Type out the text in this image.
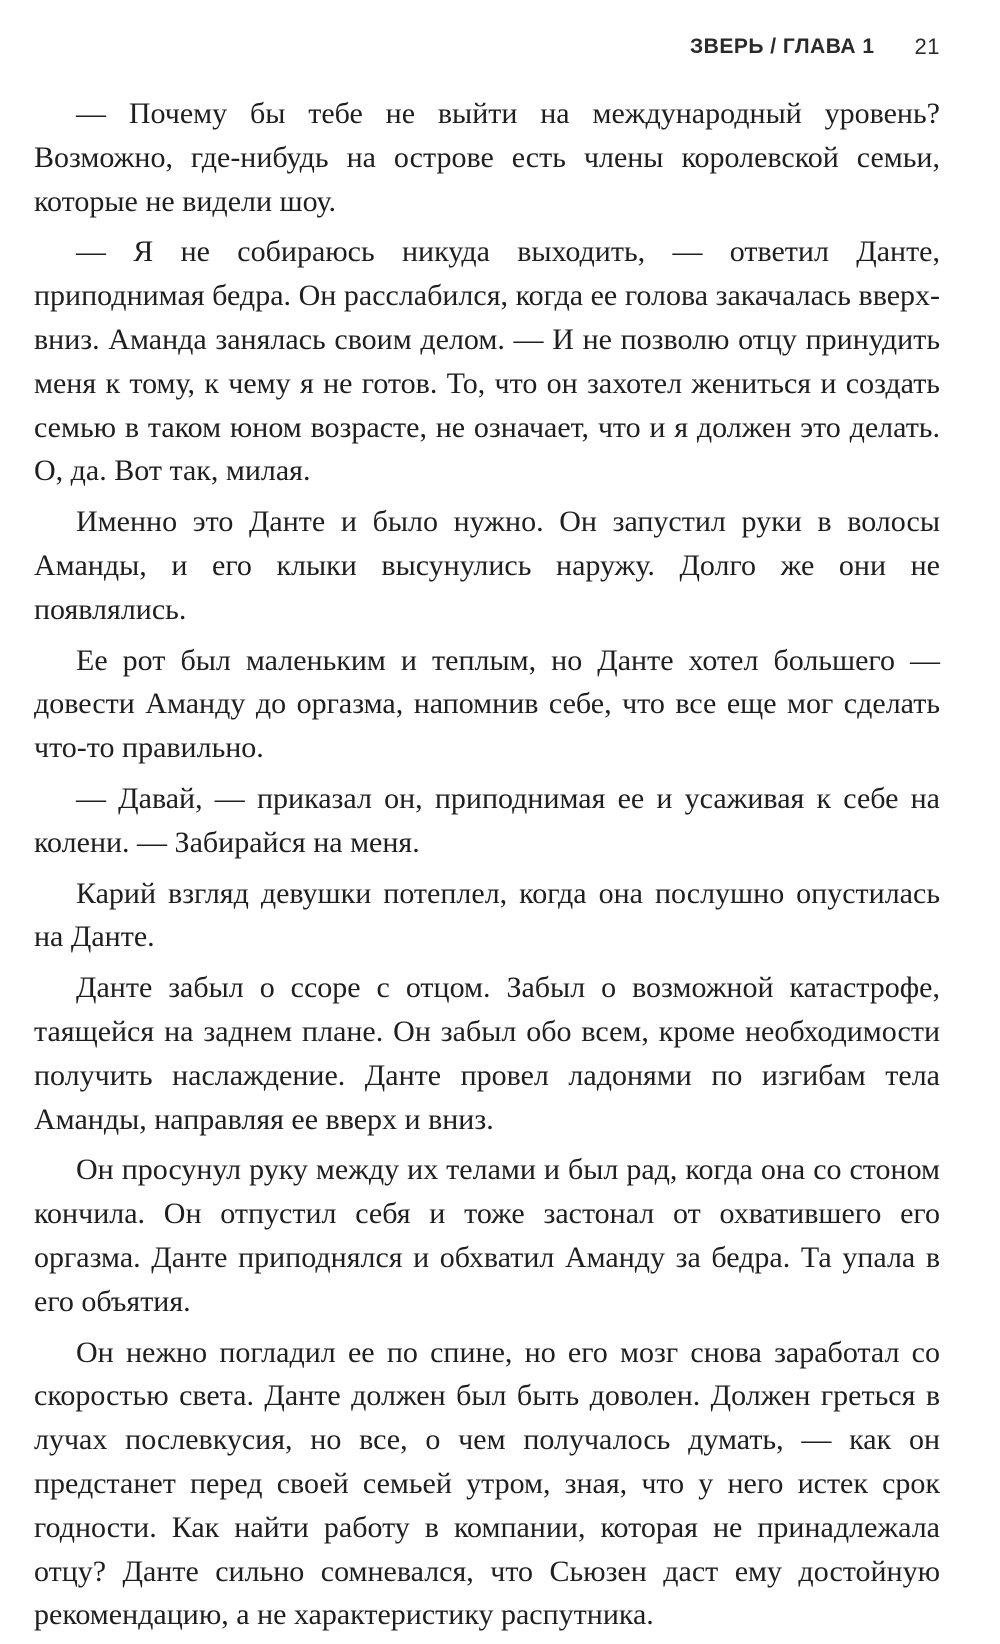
ЗВЕРЬ / ГЛАВА 1 21

— Почему бы тебе не выйти на международный уровень? Возможно, где-нибудь на острове есть члены королевской семьи, которые не видели шоу.

— Я не собираюсь никуда выходить, — ответил Данте, приподнимая бедра. Он расслабился, когда ее голова закачалась вверх-вниз. Аманда занялась своим делом. — И не позволю отцу принудить меня к тому, к чему я не готов. То, что он захотел жениться и создать семью в таком юном возрасте, не означает, что и я должен это делать. О, да. Вот так, милая.

Именно это Данте и было нужно. Он запустил руки в волосы Аманды, и его клыки высунулись наружу. Долго же они не появлялись.

Ее рот был маленьким и теплым, но Данте хотел большего — довести Аманду до оргазма, напомнив себе, что все еще мог сделать что-то правильно.

— Давай, — приказал он, приподнимая ее и усаживая к себе на колени. — Забирайся на меня.

Карий взгляд девушки потеплел, когда она послушно опустилась на Данте.

Данте забыл о ссоре с отцом. Забыл о возможной катастрофе, таящейся на заднем плане. Он забыл обо всем, кроме необходимости получить наслаждение. Данте провел ладонями по изгибам тела Аманды, направляя ее вверх и вниз.

Он просунул руку между их телами и был рад, когда она со стоном кончила. Он отпустил себя и тоже застонал от охватившего его оргазма. Данте приподнялся и обхватил Аманду за бедра. Та упала в его объятия.

Он нежно погладил ее по спине, но его мозг снова заработал со скоростью света. Данте должен был быть доволен. Должен греться в лучах послевкусия, но все, о чем получалось думать, — как он предстанет перед своей семьей утром, зная, что у него истек срок годности. Как найти работу в компании, которая не принадлежала отцу? Данте сильно сомневался, что Сьюзен даст ему достойную рекомендацию, а не характеристику распутника.
